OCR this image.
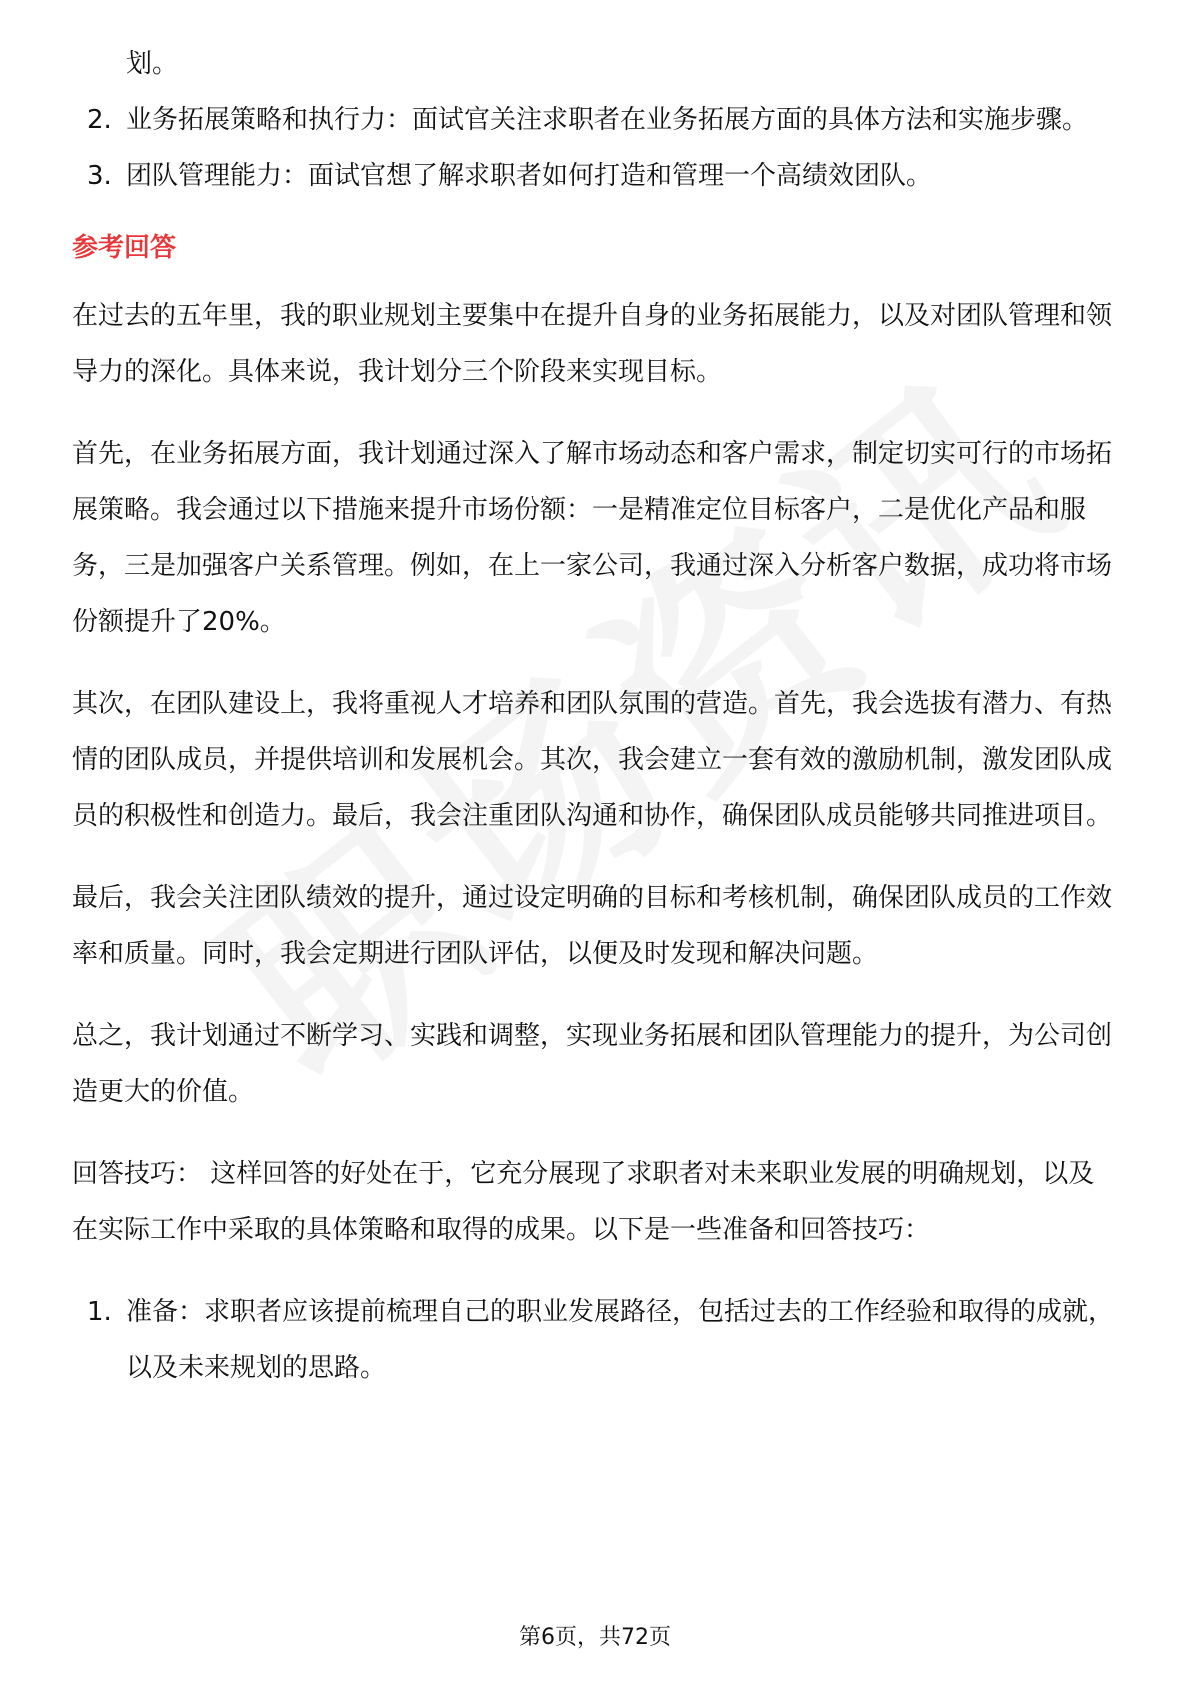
划。

2. 业务拓展策略和执行力：面试官关注求职者在业务拓展方面的具体方法和实施步骤。

3. 团队管理能力：面试官想了解求职者如何打造和管理一个高绩效团队。

参考回答

在过去的五年里，我的职业规划主要集中在提升自身的业务拓展能力，以及对团队管理和领导力的深化。具体来说，我计划分三个阶段来实现目标。

首先，在业务拓展方面，我计划通过深入了解市场动态和客户需求，制定切实可行的市场拓展策略。我会通过以下措施来提升市场份额：一是精准定位目标客户，二是优化产品和服务，三是加强客户关系管理。例如，在上一家公司，我通过深入分析客户数据，成功将市场份额提升了20%。

其次，在团队建设上，我将重视人才培养和团队氛围的营造。首先，我会选拔有潜力、有热情的团队成员，并提供培训和发展机会。其次，我会建立一套有效的激励机制，激发团队成员的积极性和创造力。最后，我会注重团队沟通和协作，确保团队成员能够共同推进项目。

最后，我会关注团队绩效的提升，通过设定明确的目标和考核机制，确保团队成员的工作效率和质量。同时，我会定期进行团队评估，以便及时发现和解决问题。

总之，我计划通过不断学习、实践和调整，实现业务拓展和团队管理能力的提升，为公司创造更大的价值。

回答技巧： 这样回答的好处在于，它充分展现了求职者对未来职业发展的明确规划，以及在实际工作中采取的具体策略和取得的成果。以下是一些准备和回答技巧：

1. 准备：求职者应该提前梳理自己的职业发展路径，包括过去的工作经验和取得的成就，以及未来规划的思路。

第6页，共72页
